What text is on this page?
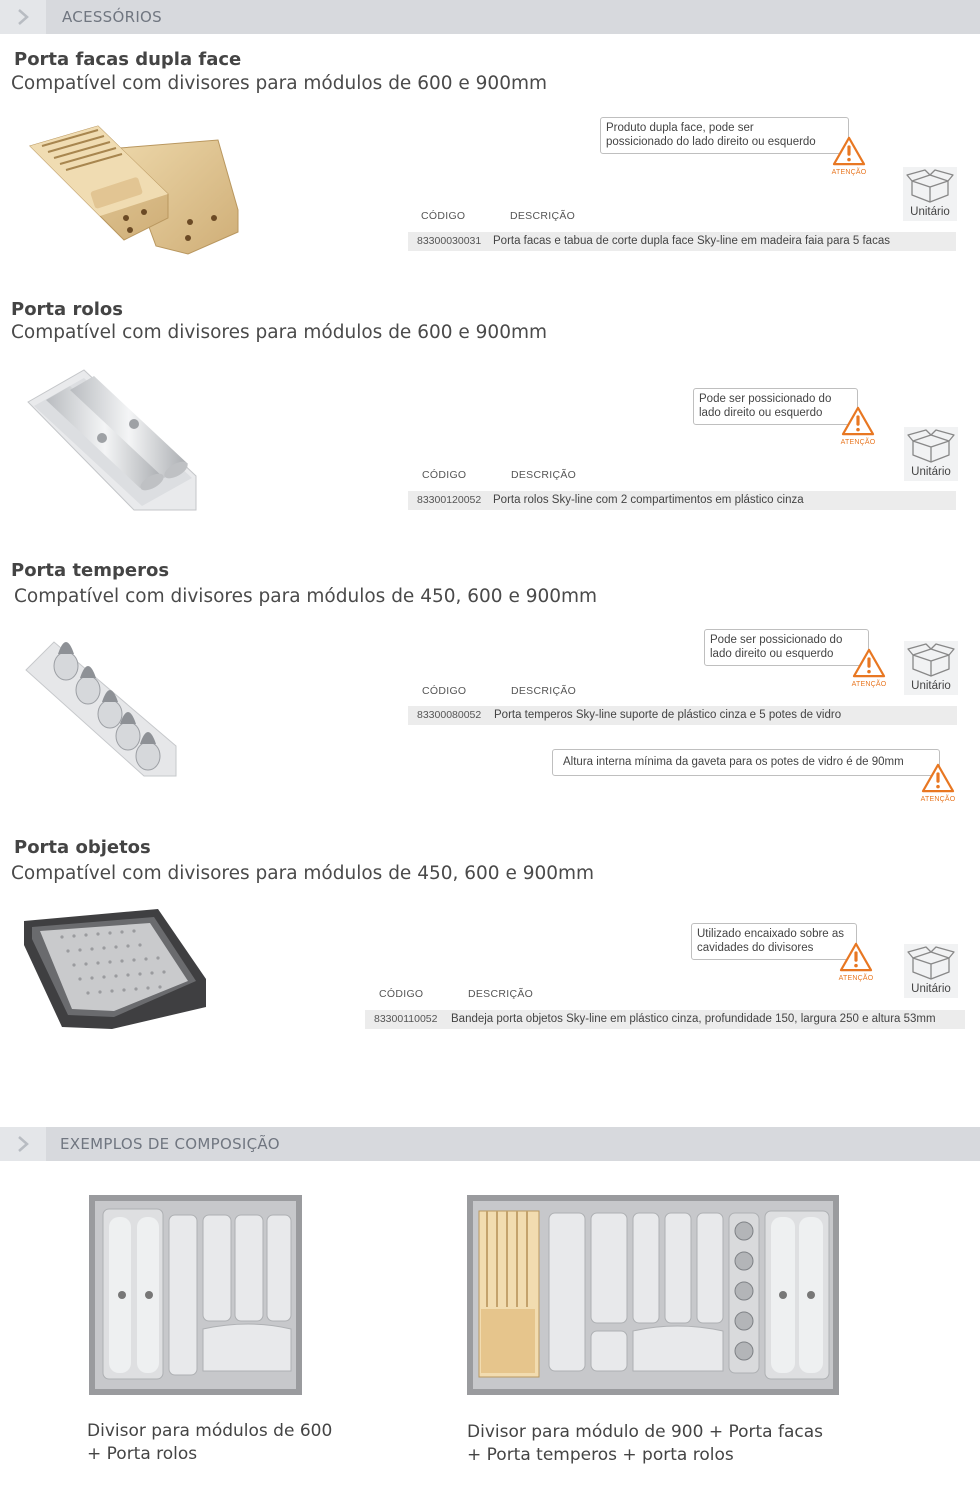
ACESSÓRIOS
Porta facas dupla face
Compatível com divisores para módulos de 600 e 900mm
Produto dupla face, pode ser
possicionado do lado direito ou esquerdo
ATENÇÃO
Unitário
CÓDIGO	DESCRIÇÃO
83300030031 Porta facas e tabua de corte dupla face Sky-line em madeira faia para 5 facas
Porta rolos
Compatível com divisores para módulos de 600 e 900mm
Pode ser possicionado do
lado direito ou esquerdo
ATENÇÃO
Unitário
CÓDIGO	DESCRIÇÃO
83300120052 Porta rolos Sky-line com 2 compartimentos em plástico cinza
Porta temperos
Compatível com divisores para módulos de 450, 600 e 900mm
Pode ser possicionado do
lado direito ou esquerdo
ATENÇÃO	Unitário
CÓDIGO	DESCRIÇÃO
83300080052 Porta temperos Sky-line suporte de plástico cinza e 5 potes de vidro
Altura interna mínima da gaveta para os potes de vidro é de 90mm
ATENÇÃO
Porta objetos
Compatível com divisores para módulos de 450, 600 e 900mm
Utilizado encaixado sobre as
cavidades do divisores
ATENÇÃO
Unitário
CÓDIGO	DESCRIÇÃO
83300110052 Bandeja porta objetos Sky-line em plástico cinza, profundidade 150, largura 250 e altura 53mm
EXEMPLOS DE COMPOSIÇÃO
Divisor para módulos de 600
+ Porta rolos
Divisor para módulo de 900 + Porta facas
+ Porta temperos + porta rolos
